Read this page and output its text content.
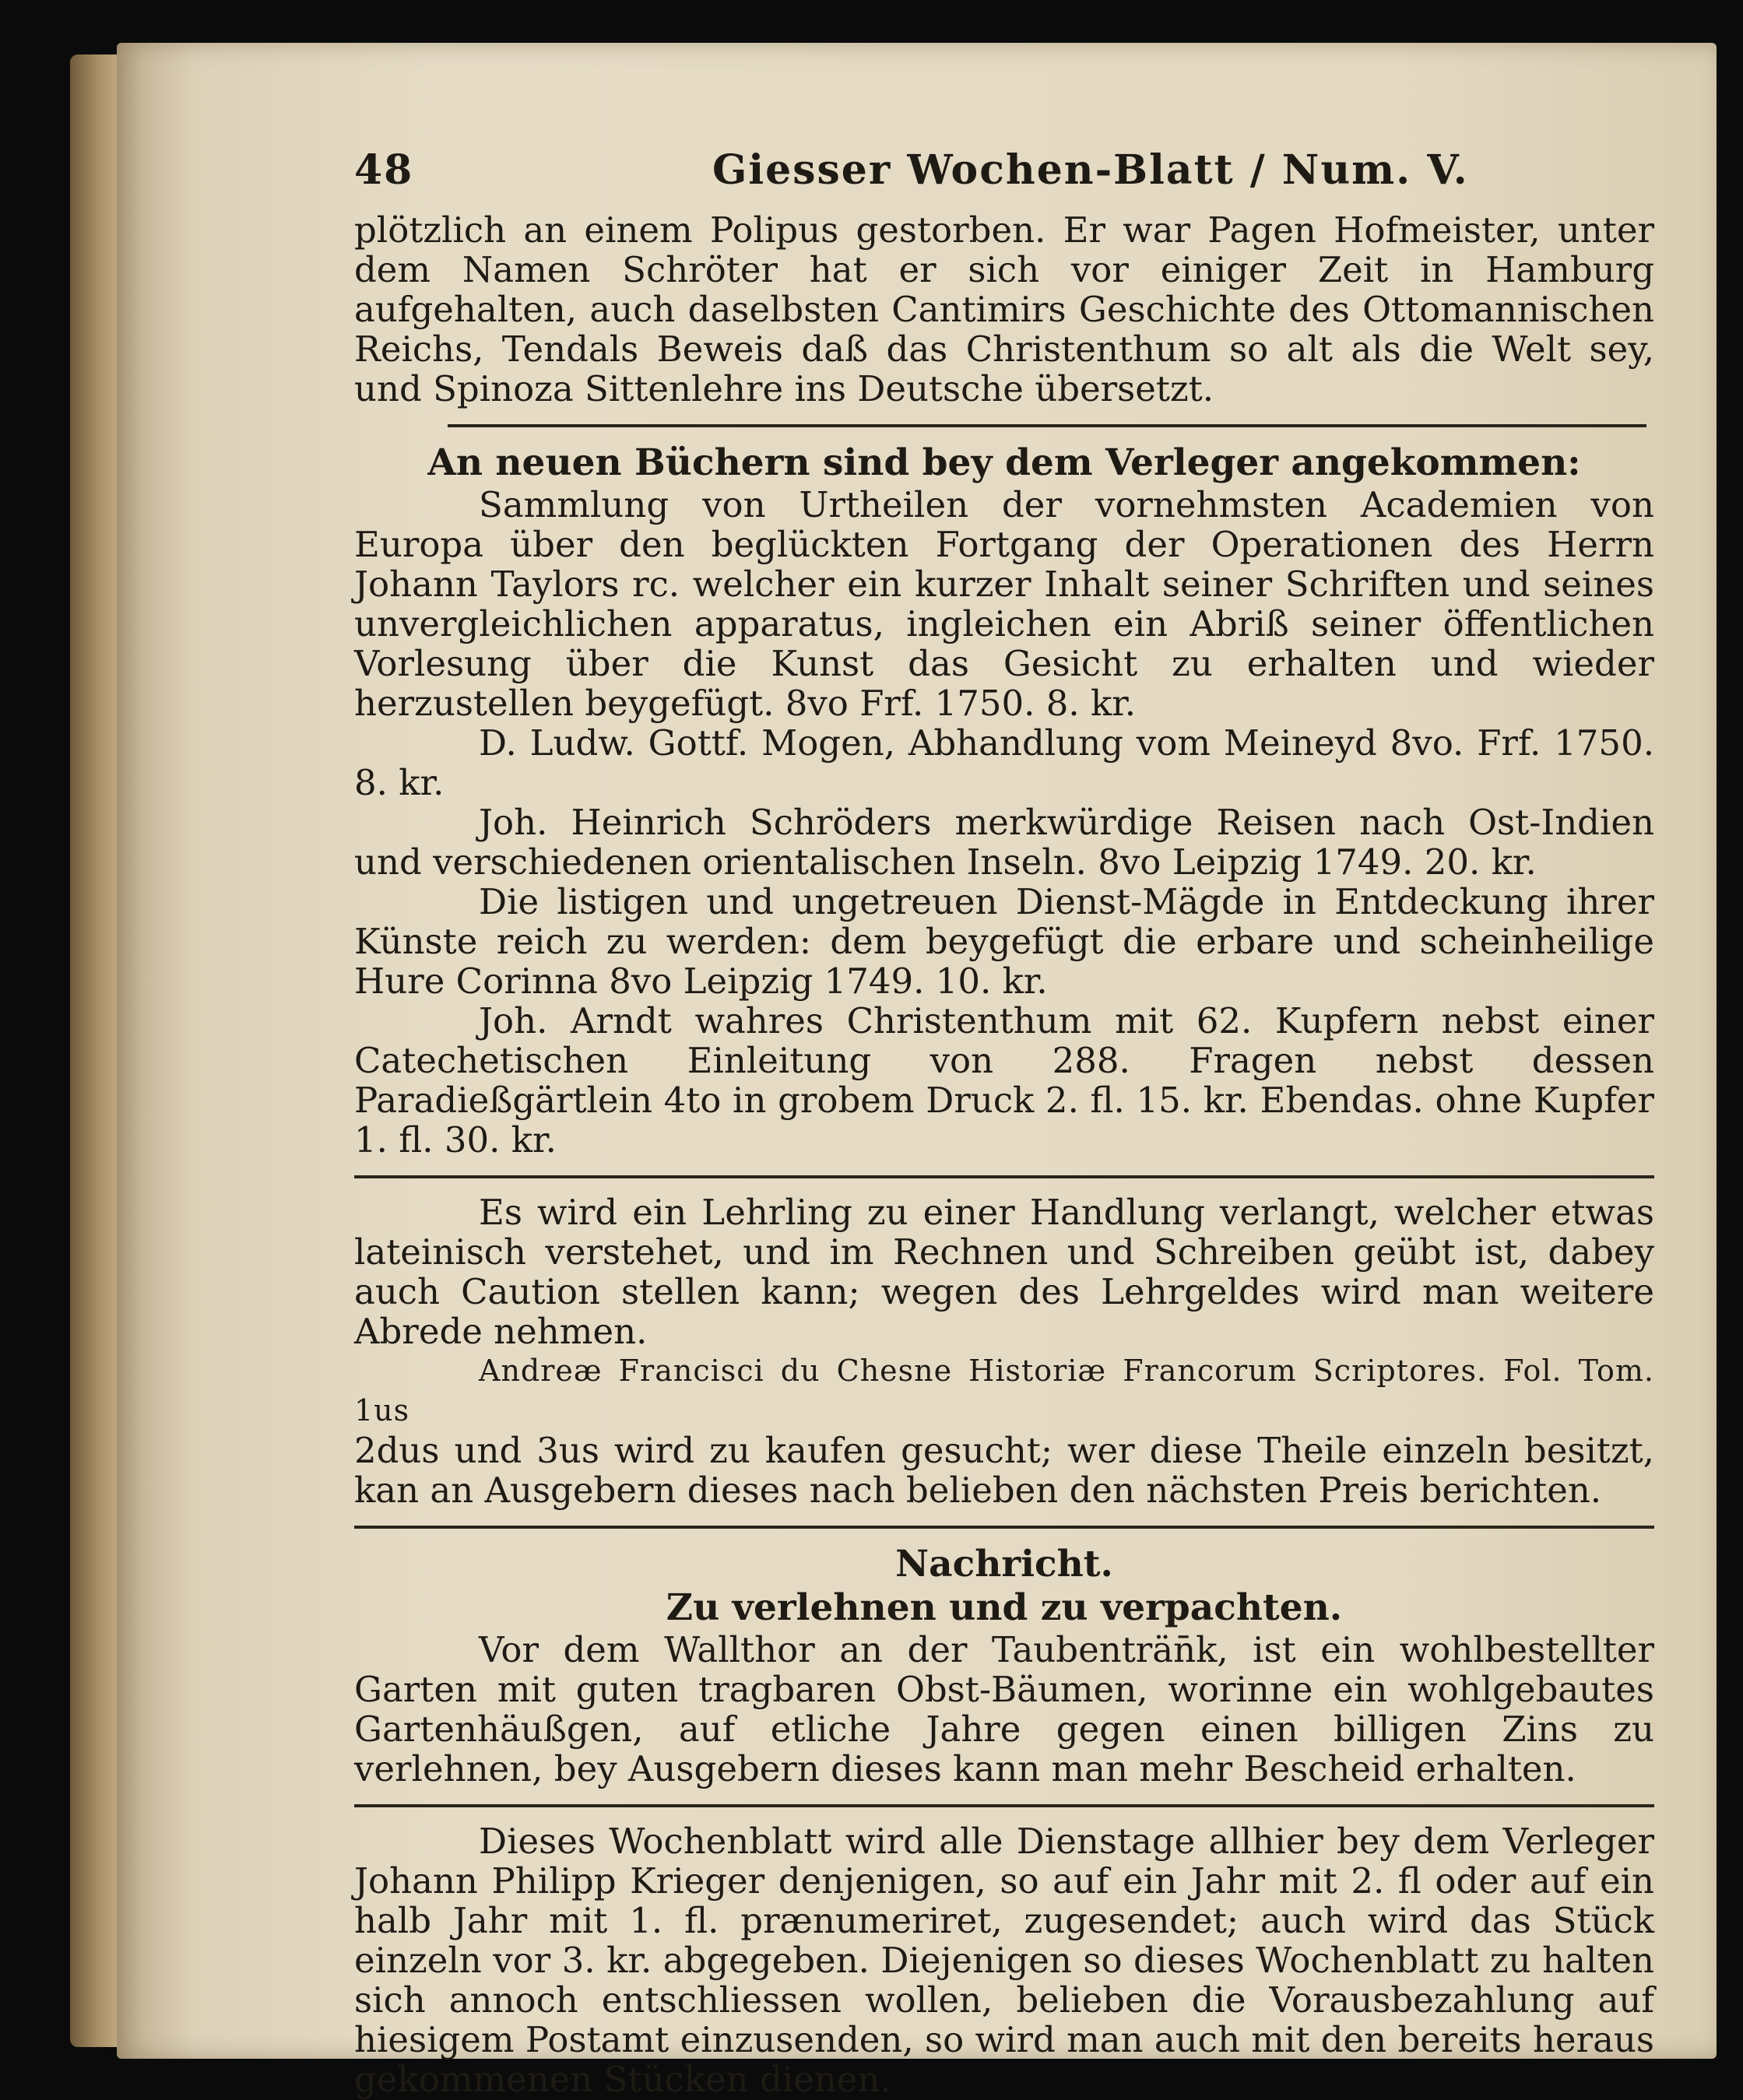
48	Giesser Wochen-Blatt / Num. V.

plötzlich an einem Polipus gestorben. Er war Pagen Hofmeister, unter dem Namen Schröter hat er sich vor einiger Zeit in Hamburg aufgehalten, auch daselbsten Cantimirs Geschichte des Ottomannischen Reichs, Tendals Beweis daß das Christenthum so alt als die Welt sey, und Spinoza Sittenlehre ins Deutsche übersetzt.

An neuen Büchern sind bey dem Verleger angekommen:

Sammlung von Urtheilen der vornehmsten Academien von Europa über den beglückten Fortgang der Operationen des Herrn Johann Taylors rc. welcher ein kurzer Inhalt seiner Schriften und seines unvergleichlichen apparatus, ingleichen ein Abriß seiner öffentlichen Vorlesung über die Kunst das Gesicht zu erhalten und wieder herzustellen beygefügt. 8vo Frf. 1750. 8. kr.

D. Ludw. Gottf. Mogen, Abhandlung vom Meineyd 8vo. Frf. 1750. 8. kr.

Joh. Heinrich Schröders merkwürdige Reisen nach Ost-Indien und verschiedenen orientalischen Inseln. 8vo Leipzig 1749. 20. kr.

Die listigen und ungetreuen Dienst-Mägde in Entdeckung ihrer Künste reich zu werden: dem beygefügt die erbare und scheinheilige Hure Corinna 8vo Leipzig 1749. 10. kr.

Joh. Arndt wahres Christenthum mit 62. Kupfern nebst einer Catechetischen Einleitung von 288. Fragen nebst dessen Paradießgärtlein 4to in grobem Druck 2. fl. 15. kr. Ebendas. ohne Kupfer 1. fl. 30. kr.

Es wird ein Lehrling zu einer Handlung verlangt, welcher etwas lateinisch verstehet, und im Rechnen und Schreiben geübt ist, dabey auch Caution stellen kann; wegen des Lehrgeldes wird man weitere Abrede nehmen.

Andreæ Francisci du Chesne Historiæ Francorum Scriptores. Fol. Tom. 1us

2dus und 3us wird zu kaufen gesucht; wer diese Theile einzeln besitzt, kan an Ausgebern dieses nach belieben den nächsten Preis berichten.

Nachricht.

Zu verlehnen und zu verpachten.

Vor dem Wallthor an der Taubenträn̄k, ist ein wohlbestellter Garten mit guten tragbaren Obst-Bäumen, worinne ein wohlgebautes Gartenhäußgen, auf etliche Jahre gegen einen billigen Zins zu verlehnen, bey Ausgebern dieses kann man mehr Bescheid erhalten.

Dieses Wochenblatt wird alle Dienstage allhier bey dem Verleger Johann Philipp Krieger denjenigen, so auf ein Jahr mit 2. fl oder auf ein halb Jahr mit 1. fl. prænumeriret, zugesendet; auch wird das Stück einzeln vor 3. kr. abgegeben. Diejenigen so dieses Wochenblatt zu halten sich annoch entschliessen wollen, belieben die Vorausbezahlung auf hiesigem Postamt einzusenden, so wird man auch mit den bereits heraus gekommenen Stücken dienen.
